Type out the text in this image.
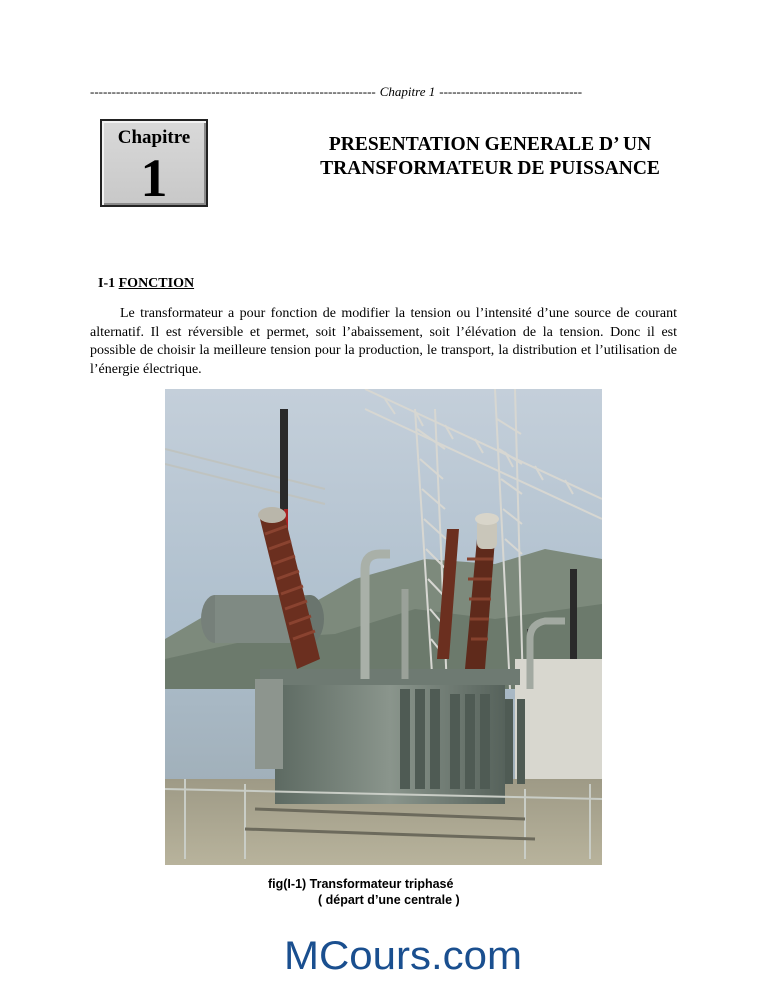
------------------------------------------------------------------ Chapitre 1 ---------------------------------
Chapitre
1
PRESENTATION GENERALE D’ UN
TRANSFORMATEUR DE PUISSANCE
I-1 FONCTION

Le transformateur a pour fonction de modifier la tension ou l’intensité d’une source de courant alternatif. Il est réversible et permet, soit l’abaissement, soit l’élévation de la tension. Donc il est possible de choisir la meilleure tension pour la production, le transport, la distribution et l’utilisation de l’énergie électrique.

fig(I-1) Transformateur triphasé
( départ d’une centrale )
MCours.com
